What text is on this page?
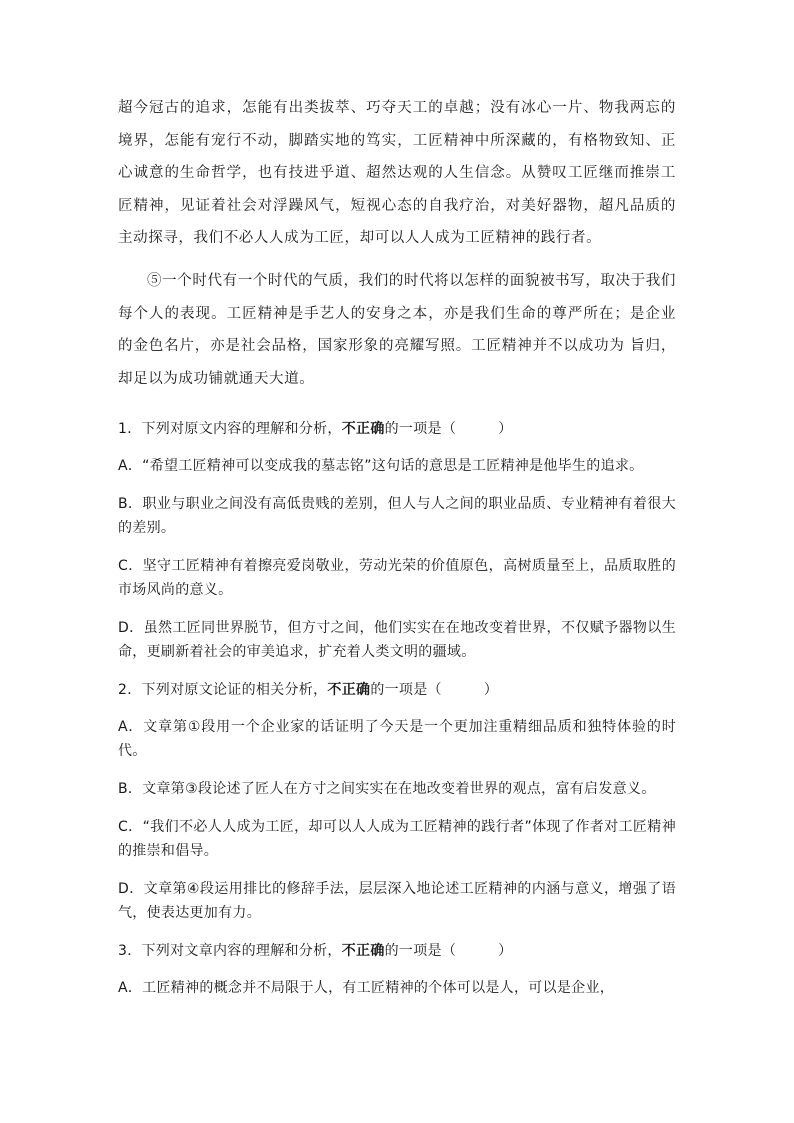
超今冠古的追求，怎能有出类拔萃、巧夺天工的卓越；没有冰心一片、物我两忘的境界，怎能有宠行不动，脚踏实地的笃实，工匠精神中所深藏的，有格物致知、正心诚意的生命哲学，也有技进乎道、超然达观的人生信念。从赞叹工匠继而推崇工匠精神，见证着社会对浮躁风气，短视心态的自我疗治，对美好器物，超凡品质的主动探寻，我们不必人人成为工匠，却可以人人成为工匠精神的践行者。

⑤一个时代有一个时代的气质，我们的时代将以怎样的面貌被书写，取决于我们每个人的表现。工匠精神是手艺人的安身之本，亦是我们生命的尊严所在；是企业的金色名片，亦是社会品格，国家形象的亮耀写照。工匠精神并不以成功为 旨归，却足以为成功铺就通天大道。

1．下列对原文内容的理解和分析，不正确的一项是（	）

A．“希望工匠精神可以变成我的墓志铭”这句话的意思是工匠精神是他毕生的追求。

B．职业与职业之间没有高低贵贱的差别，但人与人之间的职业品质、专业精神有着很大的差别。

C．坚守工匠精神有着擦亮爱岗敬业，劳动光荣的价值原色，高树质量至上，品质取胜的市场风尚的意义。

D．虽然工匠同世界脱节，但方寸之间，他们实实在在地改变着世界，不仅赋予器物以生命，更刷新着社会的审美追求，扩充着人类文明的疆域。

2．下列对原文论证的相关分析，不正确的一项是（	）

A．文章第①段用一个企业家的话证明了今天是一个更加注重精细品质和独特体验的时代。

B．文章第③段论述了匠人在方寸之间实实在在地改变着世界的观点，富有启发意义。

C．“我们不必人人成为工匠，却可以人人成为工匠精神的践行者”体现了作者对工匠精神的推崇和倡导。

D．文章第④段运用排比的修辞手法，层层深入地论述工匠精神的内涵与意义，增强了语气，使表达更加有力。

3．下列对文章内容的理解和分析，不正确的一项是（	）

A．工匠精神的概念并不局限于人，有工匠精神的个体可以是人，可以是企业，
